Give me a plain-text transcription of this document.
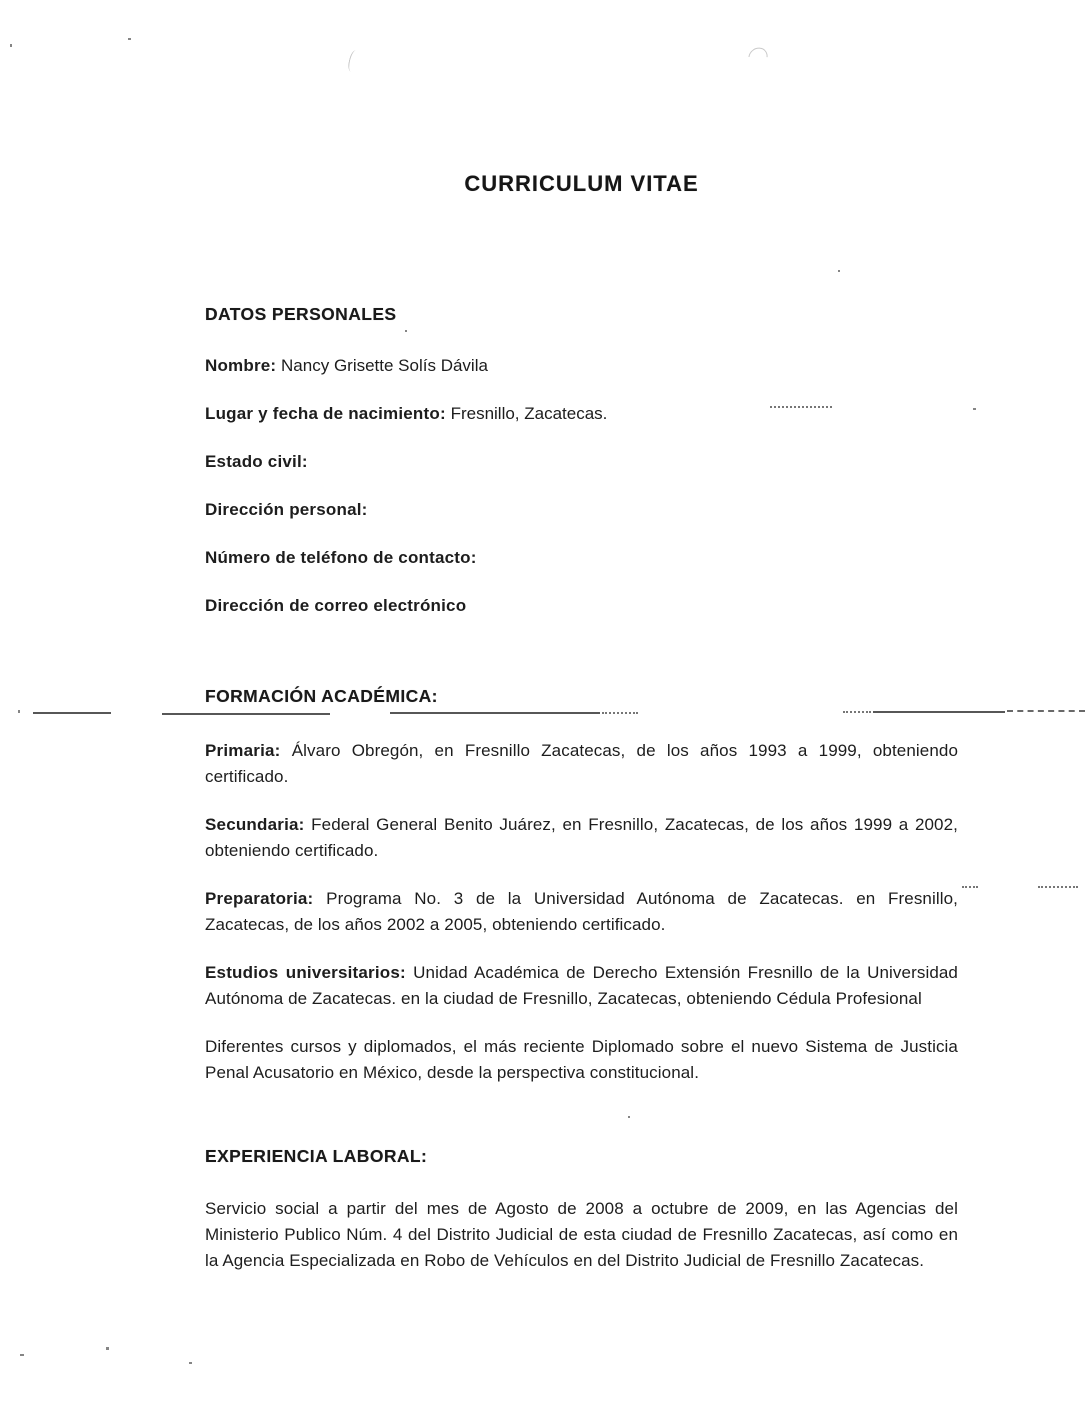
CURRICULUM VITAE
DATOS PERSONALES
Nombre: Nancy Grisette Solís Dávila
Lugar y fecha de nacimiento: Fresnillo, Zacatecas.
Estado civil:
Dirección personal:
Número de teléfono de contacto:
Dirección de correo electrónico
FORMACIÓN ACADÉMICA:

Primaria: Álvaro Obregón, en Fresnillo Zacatecas, de los años 1993 a 1999, obteniendo certificado.

Secundaria: Federal General Benito Juárez, en Fresnillo, Zacatecas, de los años 1999 a 2002, obteniendo certificado.

Preparatoria: Programa No. 3 de la Universidad Autónoma de Zacatecas. en Fresnillo, Zacatecas, de los años 2002 a 2005, obteniendo certificado.

Estudios universitarios: Unidad Académica de Derecho Extensión Fresnillo de la Universidad Autónoma de Zacatecas. en la ciudad de Fresnillo, Zacatecas, obteniendo Cédula Profesional

Diferentes cursos y diplomados, el más reciente Diplomado sobre el nuevo Sistema de Justicia Penal Acusatorio en México, desde la perspectiva constitucional.

EXPERIENCIA LABORAL:

Servicio social a partir del mes de Agosto de 2008 a octubre de 2009, en las Agencias del Ministerio Publico Núm. 4 del Distrito Judicial de esta ciudad de Fresnillo Zacatecas, así como en la Agencia Especializada en Robo de Vehículos en del Distrito Judicial de Fresnillo Zacatecas.
